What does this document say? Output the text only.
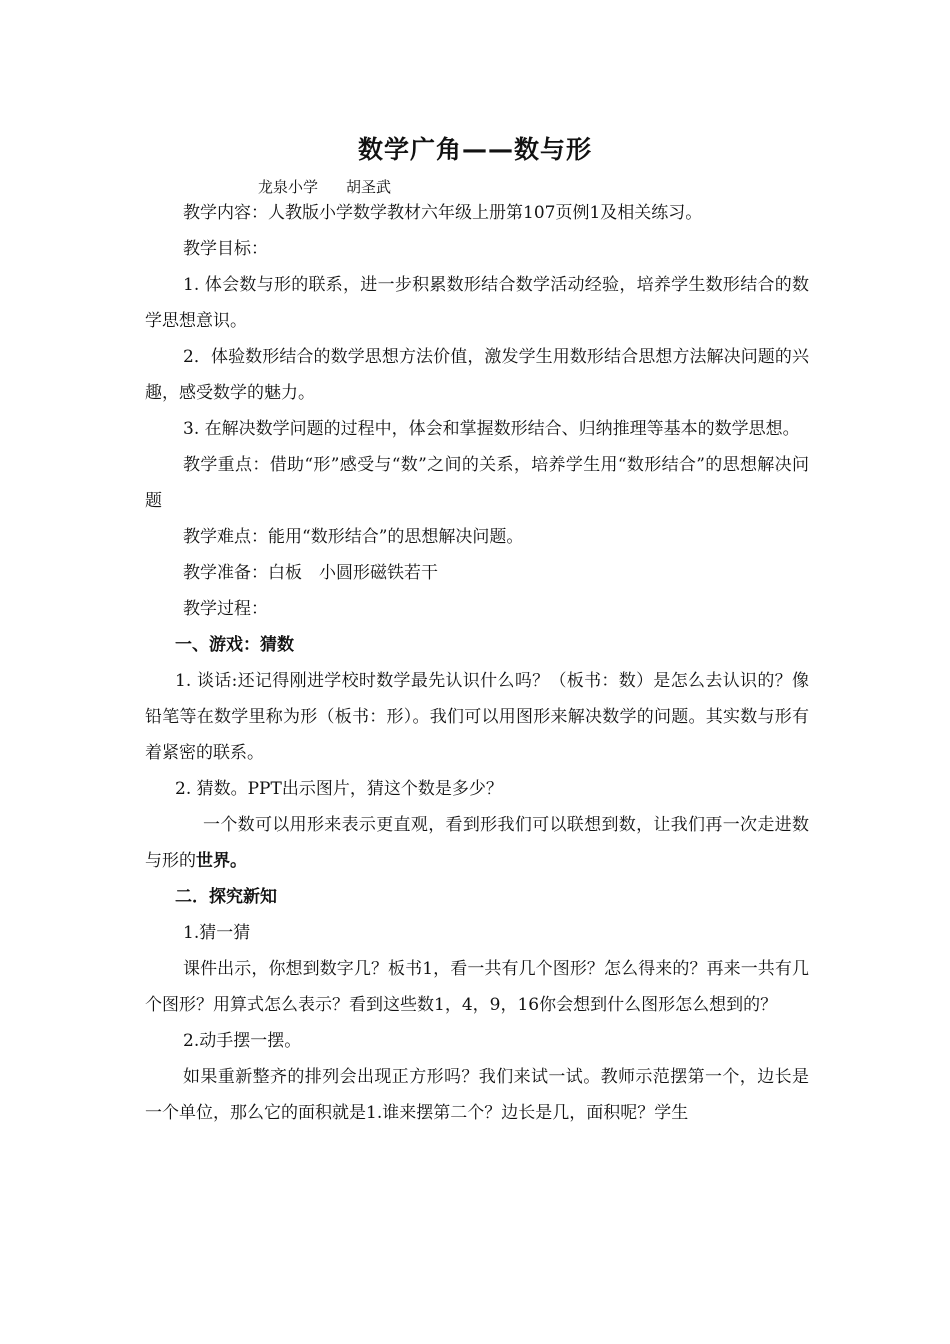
数学广角——数与形
龙泉小学 胡圣武

教学内容：人教版小学数学教材六年级上册第107页例1及相关练习。

教学目标：

1. 体会数与形的联系，进一步积累数形结合数学活动经验，培养学生数形结合的数学思想意识。

2．体验数形结合的数学思想方法价值，激发学生用数形结合思想方法解决问题的兴趣，感受数学的魅力。

3. 在解决数学问题的过程中，体会和掌握数形结合、归纳推理等基本的数学思想。

教学重点：借助“形”感受与“数”之间的关系，培养学生用“数形结合”的思想解决问题

教学难点：能用“数形结合”的思想解决问题。

教学准备：白板　小圆形磁铁若干

教学过程：

一、游戏：猜数

1. 谈话:还记得刚进学校时数学最先认识什么吗？（板书：数）是怎么去认识的？像铅笔等在数学里称为形（板书：形）。我们可以用图形来解决数学的问题。其实数与形有着紧密的联系。

2. 猜数。PPT出示图片，猜这个数是多少？

一个数可以用形来表示更直观，看到形我们可以联想到数，让我们再一次走进数与形的世界。

二．探究新知

1.猜一猜

课件出示，你想到数字几？板书1，看一共有几个图形？怎么得来的？再来一共有几个图形？用算式怎么表示？看到这些数1，4，9，16你会想到什么图形怎么想到的？

2.动手摆一摆。

如果重新整齐的排列会出现正方形吗？我们来试一试。教师示范摆第一个，边长是一个单位，那么它的面积就是1.谁来摆第二个？边长是几，面积呢？学生
